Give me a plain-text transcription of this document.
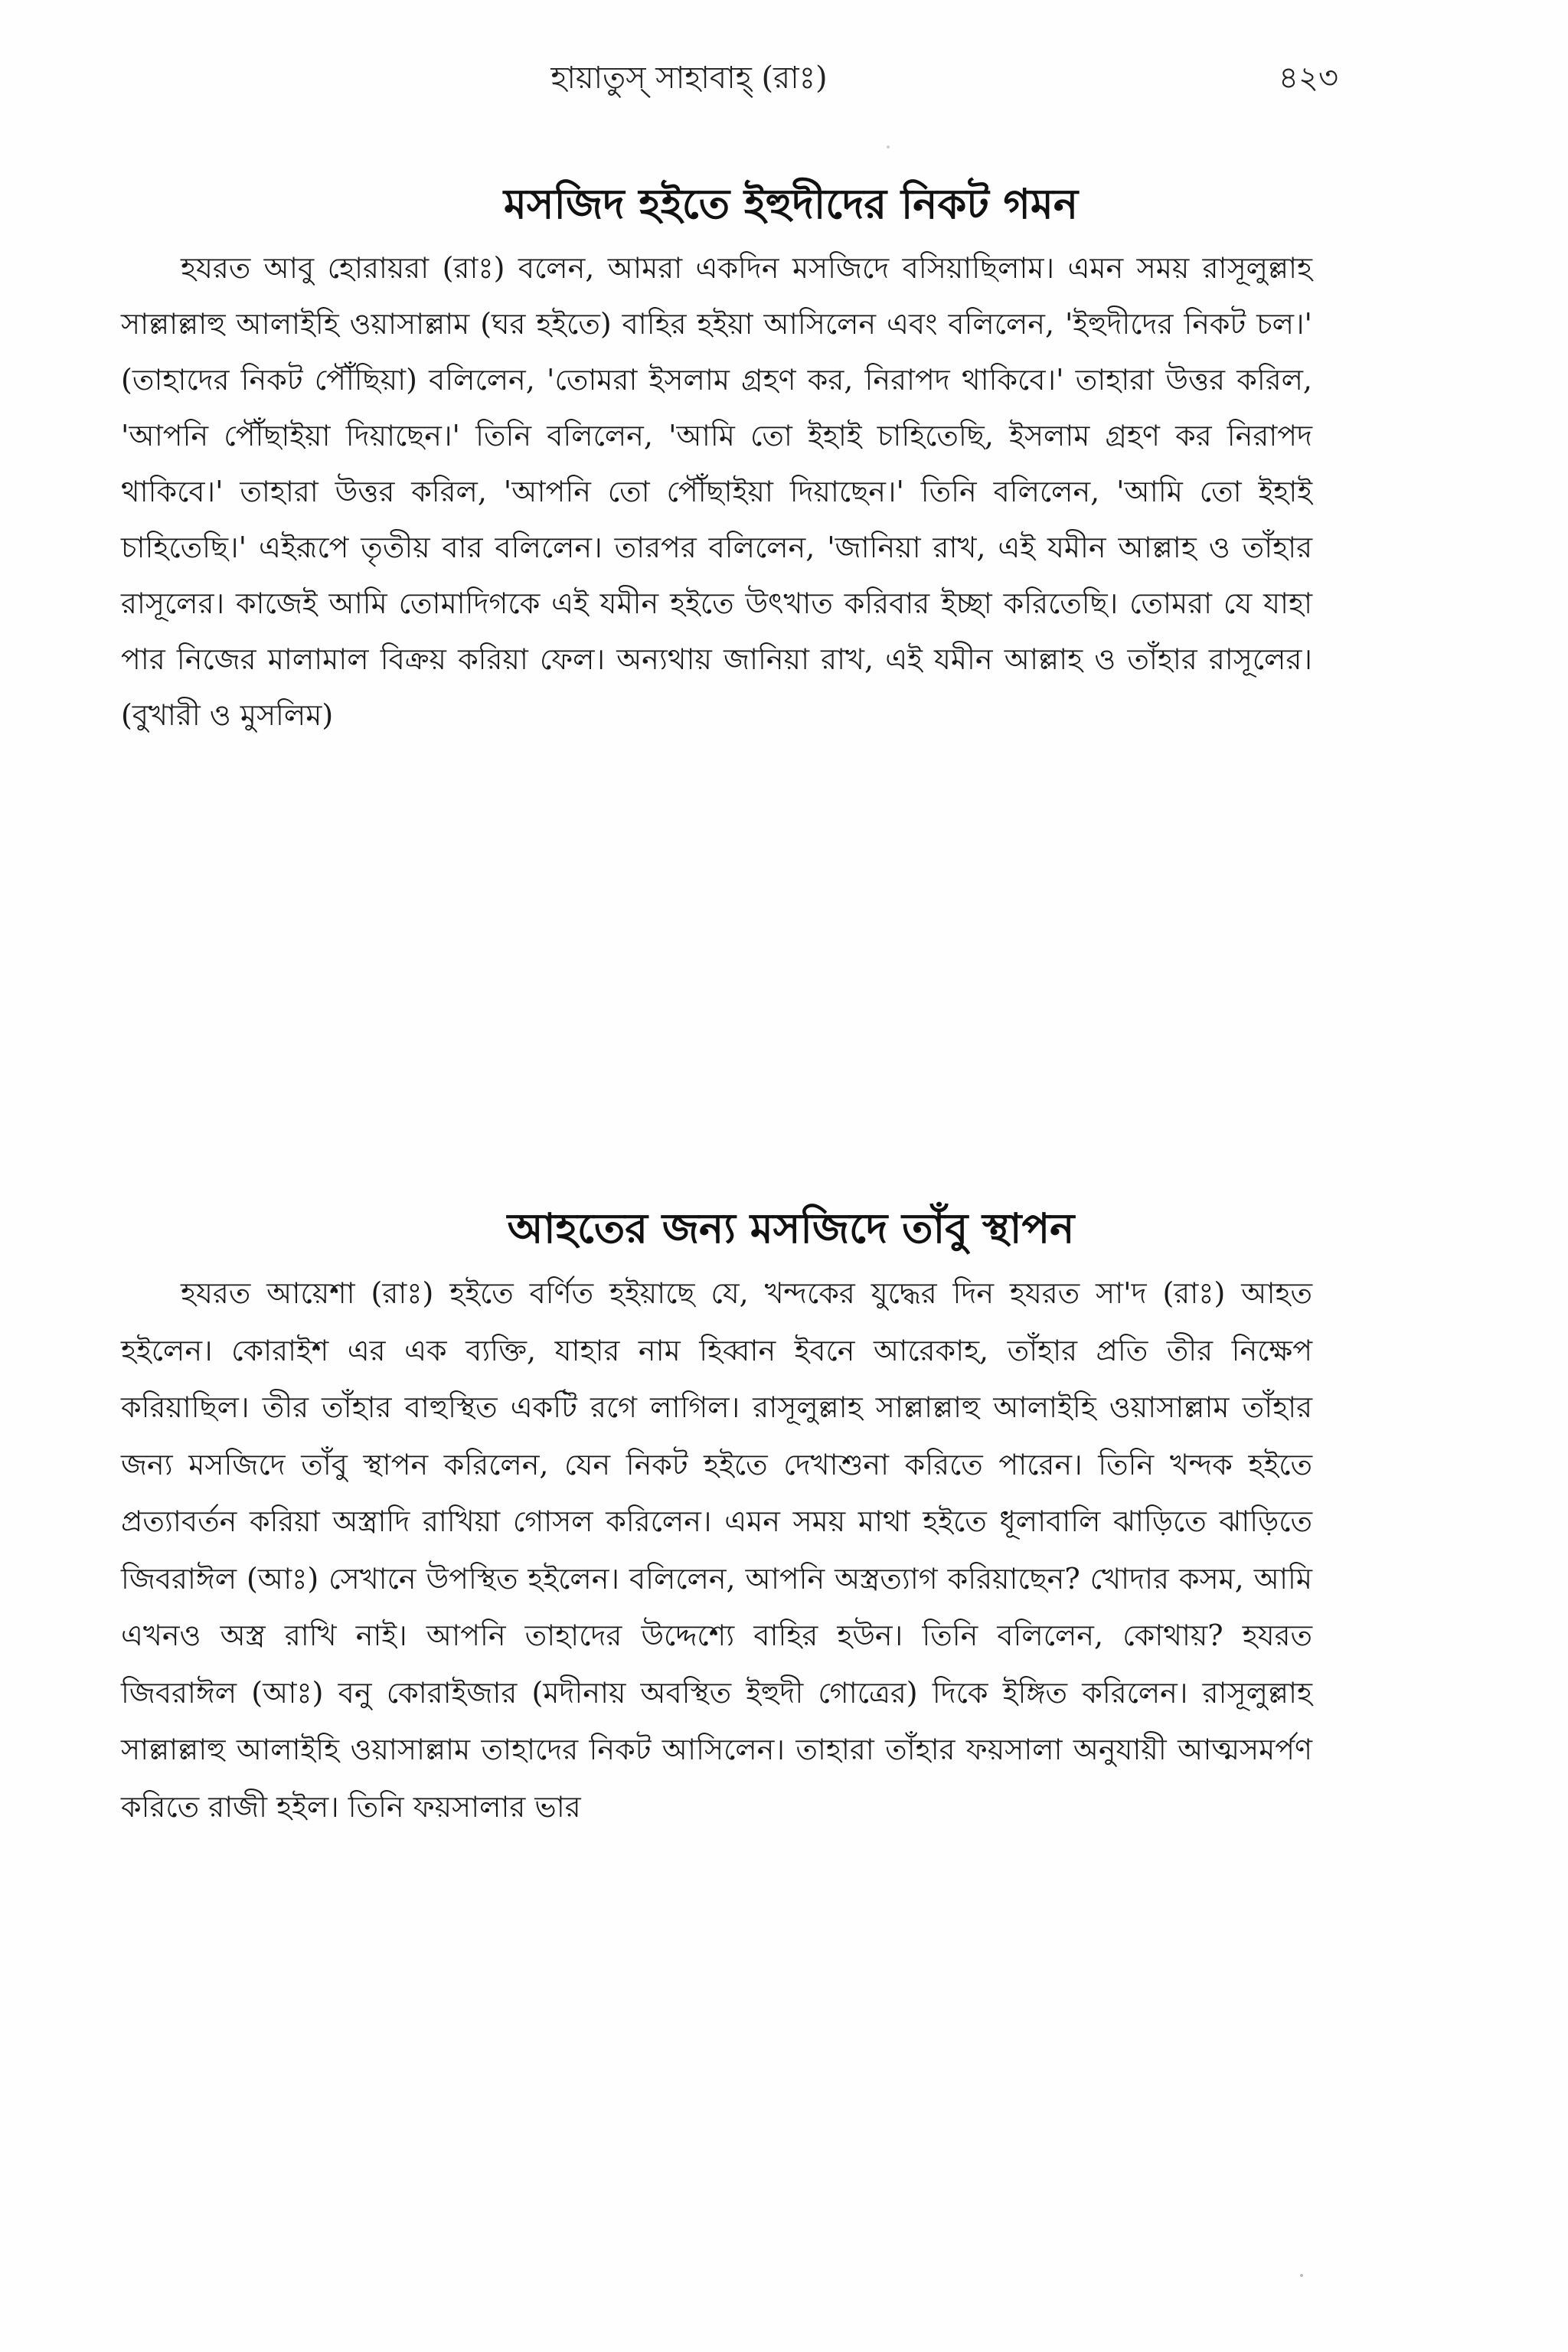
হায়াতুস্ সাহাবাহ্ (রাঃ)	৪২৩
মসজিদ হইতে ইহুদীদের নিকট গমন

হযরত আবু হোরায়রা (রাঃ) বলেন, আমরা একদিন মসজিদে বসিয়াছিলাম। এমন সময় রাসূলুল্লাহ সাল্লাল্লাহু আলাইহি ওয়াসাল্লাম (ঘর হইতে) বাহির হইয়া আসিলেন এবং বলিলেন, 'ইহুদীদের নিকট চল।' (তাহাদের নিকট পৌঁছিয়া) বলিলেন, 'তোমরা ইসলাম গ্রহণ কর, নিরাপদ থাকিবে।' তাহারা উত্তর করিল, 'আপনি পৌঁছাইয়া দিয়াছেন।' তিনি বলিলেন, 'আমি তো ইহাই চাহিতেছি, ইসলাম গ্রহণ কর নিরাপদ থাকিবে।' তাহারা উত্তর করিল, 'আপনি তো পৌঁছাইয়া দিয়াছেন।' তিনি বলিলেন, 'আমি তো ইহাই চাহিতেছি।' এইরূপে তৃতীয় বার বলিলেন। তারপর বলিলেন, 'জানিয়া রাখ, এই যমীন আল্লাহ ও তাঁহার রাসূলের। কাজেই আমি তোমাদিগকে এই যমীন হইতে উৎখাত করিবার ইচ্ছা করিতেছি। তোমরা যে যাহা পার নিজের মালামাল বিক্রয় করিয়া ফেল। অন্যথায় জানিয়া রাখ, এই যমীন আল্লাহ ও তাঁহার রাসূলের। (বুখারী ও মুসলিম)

আহতের জন্য মসজিদে তাঁবু স্থাপন

হযরত আয়েশা (রাঃ) হইতে বর্ণিত হইয়াছে যে, খন্দকের যুদ্ধের দিন হযরত সা'দ (রাঃ) আহত হইলেন। কোরাইশ এর এক ব্যক্তি, যাহার নাম হিব্বান ইবনে আরেকাহ, তাঁহার প্রতি তীর নিক্ষেপ করিয়াছিল। তীর তাঁহার বাহুস্থিত একটি রগে লাগিল। রাসূলুল্লাহ সাল্লাল্লাহু আলাইহি ওয়াসাল্লাম তাঁহার জন্য মসজিদে তাঁবু স্থাপন করিলেন, যেন নিকট হইতে দেখাশুনা করিতে পারেন। তিনি খন্দক হইতে প্রত্যাবর্তন করিয়া অস্ত্রাদি রাখিয়া গোসল করিলেন। এমন সময় মাথা হইতে ধূলাবালি ঝাড়িতে ঝাড়িতে জিবরাঈল (আঃ) সেখানে উপস্থিত হইলেন। বলিলেন, আপনি অস্ত্রত্যাগ করিয়াছেন? খোদার কসম, আমি এখনও অস্ত্র রাখি নাই। আপনি তাহাদের উদ্দেশ্যে বাহির হউন। তিনি বলিলেন, কোথায়? হযরত জিবরাঈল (আঃ) বনু কোরাইজার (মদীনায় অবস্থিত ইহুদী গোত্রের) দিকে ইঙ্গিত করিলেন। রাসূলুল্লাহ সাল্লাল্লাহু আলাইহি ওয়াসাল্লাম তাহাদের নিকট আসিলেন। তাহারা তাঁহার ফয়সালা অনুযায়ী আত্মসমর্পণ করিতে রাজী হইল। তিনি ফয়সালার ভার
